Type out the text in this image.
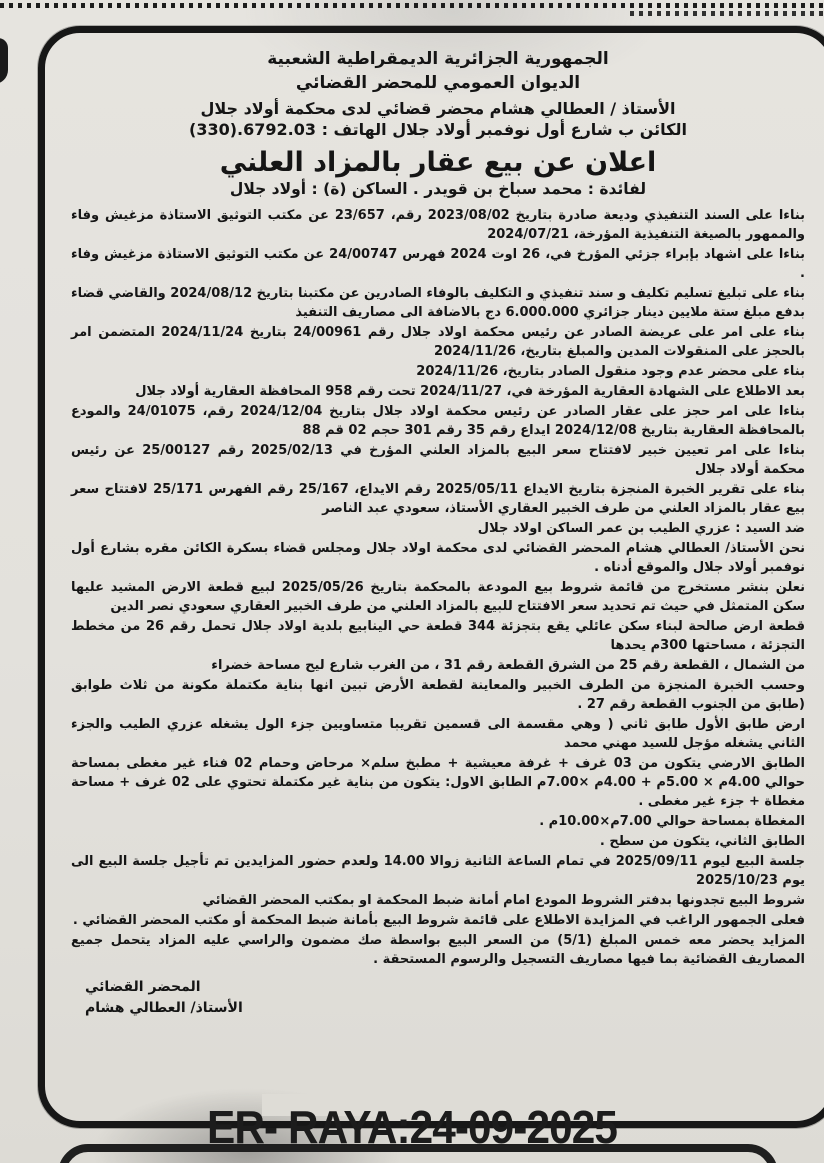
الجمهورية الجزائرية الديمقراطية الشعبية
الديوان العمومي للمحضر القضائي
الأستاذ / العطالي هشام محضر قضائي لدى محكمة أولاد جلال
الكائن ب شارع أول نوفمبر أولاد جلال الهاتف : (330).6792.03
اعلان عن بيع عقار بالمزاد العلني
لفائدة : محمد سباخ بن قويدر . الساكن (ة) : أولاد جلال

بناءا على السند التنفيذي وديعة صادرة بتاريخ 2023/08/02 رقم، 23/657 عن مكتب التوثيق الاستاذة مزغيش وفاء والممهور بالصيغة التنفيذية المؤرخة، 2024/07/21

بناءا على اشهاد بإبراء جزئي المؤرخ في، 26 اوت 2024 فهرس 24/00747 عن مكتب التوثيق الاستاذة مزغيش وفاء .

بناء على تبليغ تسليم تكليف و سند تنفيذي و التكليف بالوفاء الصادرين عن مكتبنا بتاريخ 2024/08/12 والقاضي قضاء بدفع مبلغ ستة ملايين دينار جزائري 6.000.000 دج بالاضافة الى مصاريف التنفيذ

بناء على امر على عريضة الصادر عن رئيس محكمة اولاد جلال رقم 24/00961 بتاريخ 2024/11/24 المتضمن امر بالحجز على المنقولات المدين والمبلغ بتاريخ، 2024/11/26

بناء على محضر عدم وجود منقول الصادر بتاريخ، 2024/11/26

بعد الاطلاع على الشهادة العقارية المؤرخة في، 2024/11/27 تحت رقم 958 المحافظة العقارية أولاد جلال

بناءا على امر حجز على عقار الصادر عن رئيس محكمة اولاد جلال بتاريخ 2024/12/04 رقم، 24/01075 والمودع بالمحافظة العقارية بتاريخ 2024/12/08 ايداع رقم 35 رقم 301 حجم 02 قم 88

بناءا على امر تعيين خبير لافتتاح سعر البيع بالمزاد العلني المؤرخ في 2025/02/13 رقم 25/00127 عن رئيس محكمة أولاد جلال

بناء على تقرير الخبرة المنجزة بتاريخ الايداع 2025/05/11 رقم الايداع، 25/167 رقم الفهرس 25/171 لافتتاح سعر بيع عقار بالمزاد العلني من طرف الخبير العقاري الأستاذ، سعودي عبد الناصر

ضد السيد : عزري الطيب بن عمر الساكن اولاد جلال

نحن الأستاذ/ العطالي هشام المحضر القضائي لدى محكمة اولاد جلال ومجلس قضاء بسكرة الكائن مقره بشارع أول نوفمبر أولاد جلال والموقع أدناه .

نعلن بنشر مستخرج من قائمة شروط بيع المودعة بالمحكمة بتاريخ 2025/05/26 لبيع قطعة الارض المشيد عليها سكن المتمثل في حيث تم تحديد سعر الافتتاح للبيع بالمزاد العلني من طرف الخبير العقاري سعودي نصر الدين

قطعة ارض صالحة لبناء سكن عائلي يقع بتجزئة 344 قطعة حي الينابيع بلدية اولاد جلال تحمل رقم 26 من مخطط التجزئة ، مساحتها 300م يحدها

من الشمال ، القطعة رقم 25 من الشرق القطعة رقم 31 ، من الغرب شارع ليح مساحة خضراء

وحسب الخبرة المنجزة من الطرف الخبير والمعاينة لقطعة الأرض تبين انها بناية مكتملة مكونة من ثلاث طوابق (طابق من الجنوب القطعة رقم 27 .

ارض طابق الأول طابق ثاني ( وهي مقسمة الى قسمين تقريبا متساويين جزء الول يشغله عزري الطيب والجزء الثاني يشغله مؤجل للسيد مهني محمد

الطابق الارضي يتكون من 03 غرف + غرفة معيشية + مطبخ سلم× مرحاض وحمام 02 فناء غير مغطى بمساحة حوالي 4.00م × 5.00م + 4.00م ×7.00م الطابق الاول: يتكون من بناية غير مكتملة تحتوي على 02 غرف + مساحة مغطاة + جزء غير مغطى .

المغطاة بمساحة حوالي 7.00م×10.00م .

الطابق الثاني، يتكون من سطح .

جلسة البيع ليوم 2025/09/11 في تمام الساعة الثانية زوالا 14.00 ولعدم حضور المزايدين تم تأجيل جلسة البيع الى يوم 2025/10/23

شروط البيع تجدونها بدفتر الشروط المودع امام أمانة ضبط المحكمة او بمكتب المحضر القضائي

فعلى الجمهور الراغب في المزايدة الاطلاع على قائمة شروط البيع بأمانة ضبط المحكمة أو مكتب المحضر القضائي .

المزايد يحضر معه خمس المبلغ (5/1) من السعر البيع بواسطة صك مضمون والراسي عليه المزاد يتحمل جميع المصاريف القضائية بما فيها مصاريف التسجيل والرسوم المستحقة .

المحضر القضائي
الأستاذ/ العطالي هشام
ER- RAYA:24-09-2025
